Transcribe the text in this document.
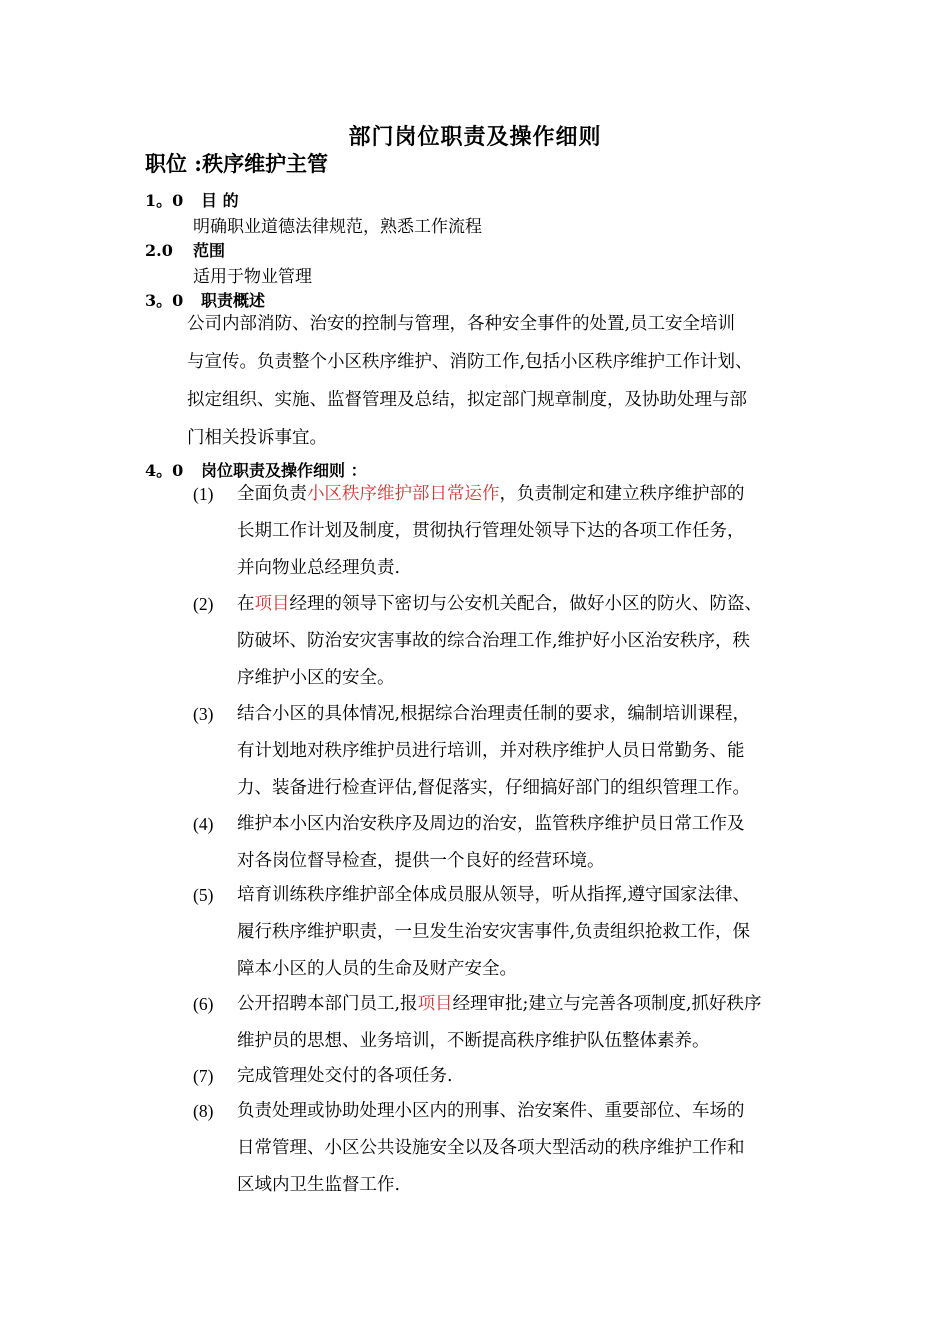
部门岗位职责及操作细则
职位 :秩序维护主管
1。0 目 的
明确职业道德法律规范，熟悉工作流程
2.0 范围
适用于物业管理
3。0 职责概述
公司内部消防、治安的控制与管理，各种安全事件的处置,员工安全培训
与宣传。负责整个小区秩序维护、消防工作,包括小区秩序维护工作计划、
拟定组织、实施、监督管理及总结，拟定部门规章制度，及协助处理与部
门相关投诉事宜。
4。0 岗位职责及操作细则 ：
(1) 全面负责小区秩序维护部日常运作，负责制定和建立秩序维护部的
长期工作计划及制度，贯彻执行管理处领导下达的各项工作任务，
并向物业总经理负责.
(2) 在项目经理的领导下密切与公安机关配合，做好小区的防火、防盗、
防破坏、防治安灾害事故的综合治理工作,维护好小区治安秩序，秩
序维护小区的安全。
(3) 结合小区的具体情况,根据综合治理责任制的要求，编制培训课程，
有计划地对秩序维护员进行培训，并对秩序维护人员日常勤务、能
力、装备进行检查评估,督促落实，仔细搞好部门的组织管理工作。
(4) 维护本小区内治安秩序及周边的治安，监管秩序维护员日常工作及
对各岗位督导检查，提供一个良好的经营环境。
(5) 培育训练秩序维护部全体成员服从领导，听从指挥,遵守国家法律、
履行秩序维护职责，一旦发生治安灾害事件,负责组织抢救工作，保
障本小区的人员的生命及财产安全。
(6) 公开招聘本部门员工,报项目经理审批;建立与完善各项制度,抓好秩序
维护员的思想、业务培训，不断提高秩序维护队伍整体素养。
(7) 完成管理处交付的各项任务.
(8) 负责处理或协助处理小区内的刑事、治安案件、重要部位、车场的
日常管理、小区公共设施安全以及各项大型活动的秩序维护工作和
区域内卫生监督工作.
